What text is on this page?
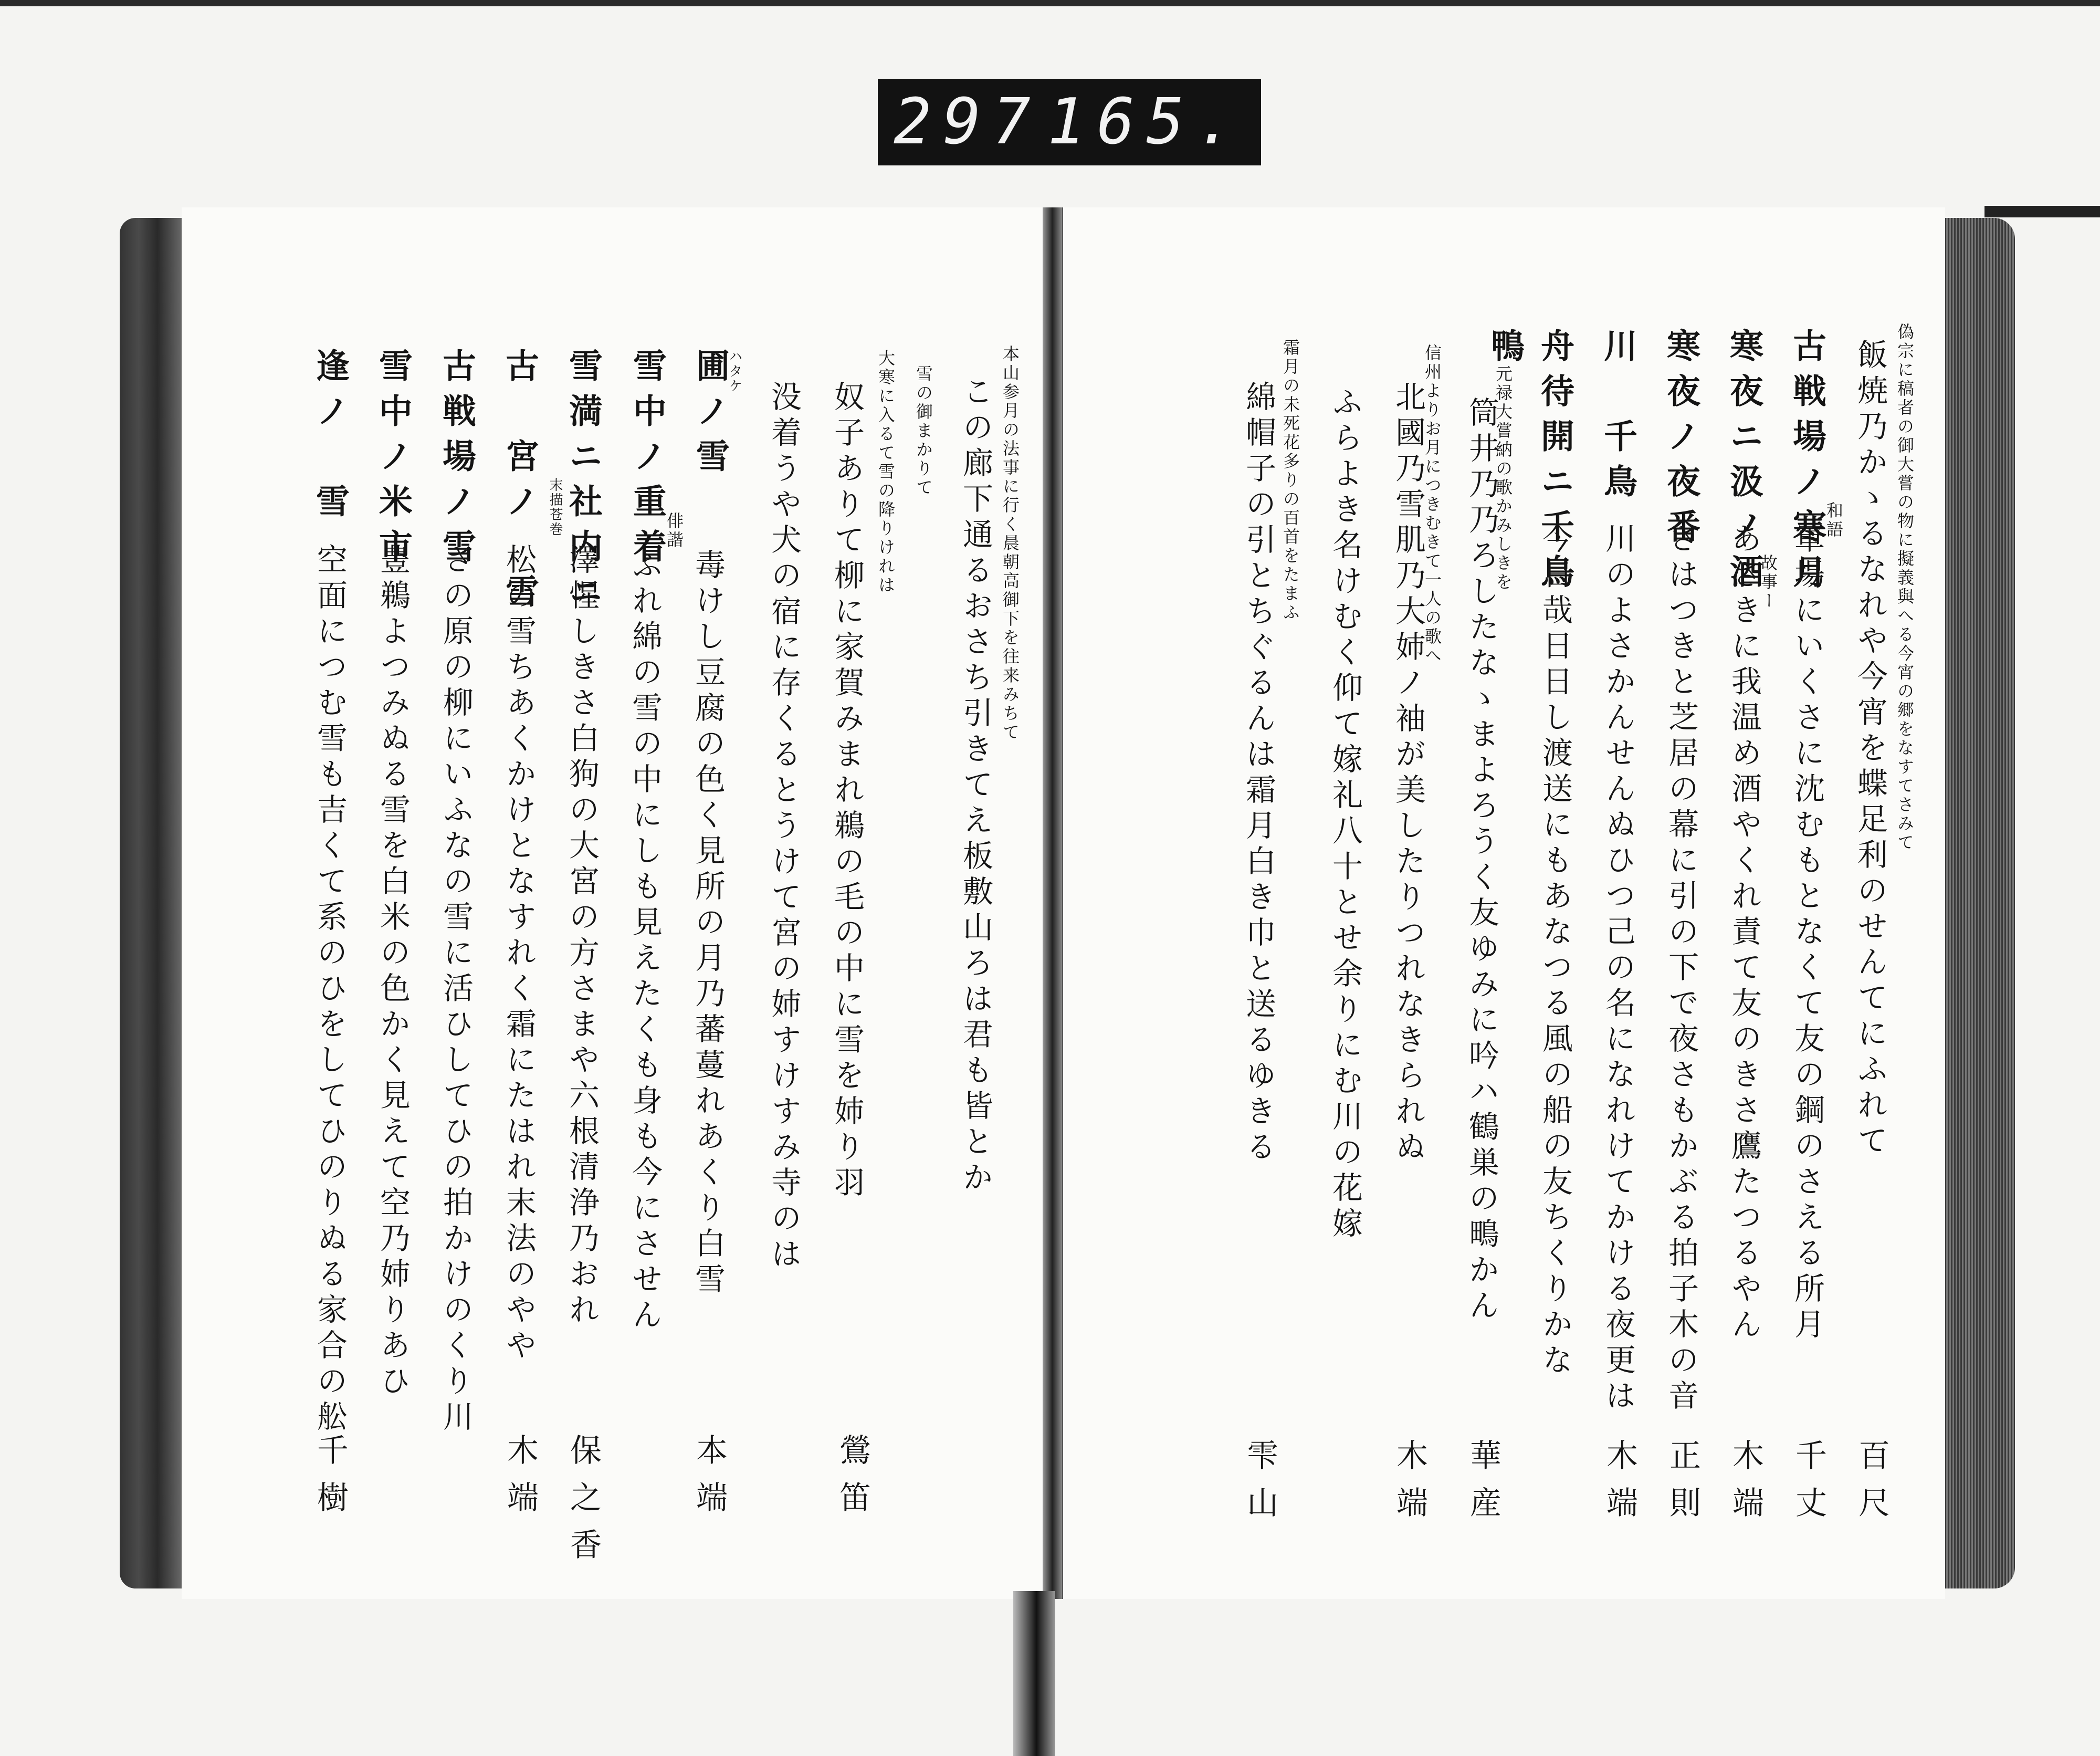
297 165.
本山参月の法事に行く晨朝高御下を往来みちて
この廊下通るおさち引きてえ板敷山ろは君も皆とか
雪の御まかりて
大寒に入るて雪の降りけれは
奴子ありて柳に家賀みまれ鵜の毛の中に雪を姉り羽
鶯笛
没着うや犬の宿に存くるとうけて宮の姉すけすみ寺のは
ハタケ
圃ノ雪
毒けし豆腐の色く見所の月乃蕃蔓れあくり白雪
本端
雪中ノ重着
俳諧
ふれ綿の雪の中にしも見えたくも身も今にさせん
雪満ニ社内ニ
末描苍巻
澤惺しきさ白狗の大宮の方さまや六根清浄乃おれ
保之香
古　宮ノ　雪
松の雪ちあくかけとなすれく霜にたはれ末法のやや
木端
古戦場ノ雪
さの原の柳にいふなの雪に活ひしてひの拍かけのくり川
雪中ノ米市
豊鵜よつみぬる雪を白米の色かく見えて空乃姉りあひ
逢ノ　雪
空面につむ雪も吉くて系のひをしてひのりぬる家合の舩
千樹
偽宗に稿者の御大嘗の物に擬義與へる今宵の郷をなすてさみて
飯焼乃かゝるなれや今宵を蝶足利のせんてにふれて
百尺
古戦場ノ寒月
和語
軍場にいくさに沈むもとなくて友の鋼のさえる所月
千丈
寒夜ニ汲ノ酒
故事ー
あさきに我温め酒やくれ責て友のきさ鷹たつるやん
木端
寒夜ノ夜番
さはつきと芝居の幕に引の下で夜さもかぶる拍子木の音
正則
川　千鳥
川のよさかんせんぬひつ己の名になれけてかける夜更は
木端
舟待開ニ千鳥
今日哉日日し渡送にもあなつる風の船の友ちくりかな
元禄大嘗納の歌かみしきを
筒井乃乃ろしたなゝまよろうく友ゆみに吟ハ鶴巣の鴫かん
華産
鴨
信州よりお月につきむきて一人の歌へ
北國乃雪肌乃大姉ノ袖が美したりつれなきられぬ
木端
ふらよき名けむく仰て嫁礼八十とせ余りにむ川の花嫁
霜月の未死花多りの百首をたまふ
綿帽子の引とちぐるんは霜月白き巾と送るゆきる
雫山
